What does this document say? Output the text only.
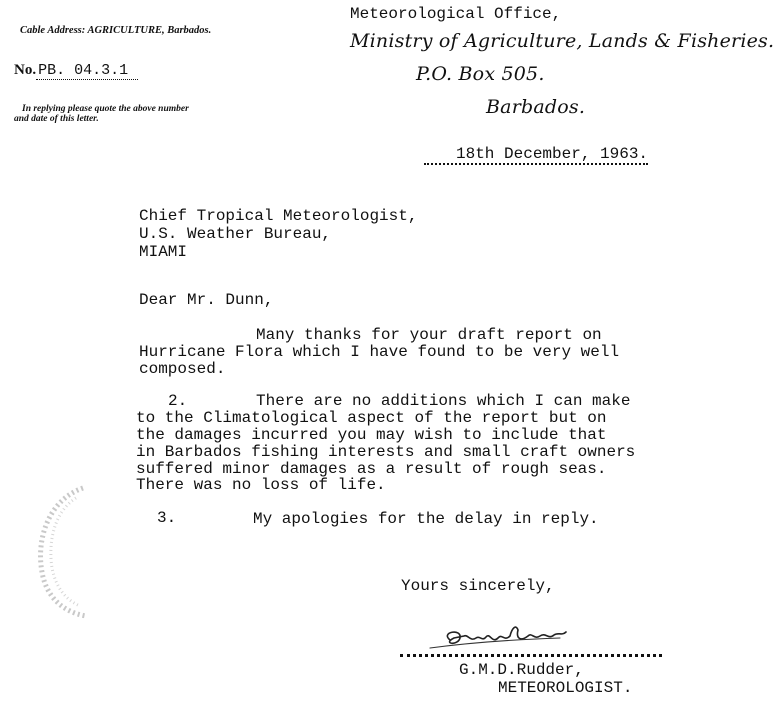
Cable Address: AGRICULTURE, Barbados.
No. PB. 04.3.1
In replying please quote the above number
and date of this letter.
Meteorological Office,
Ministry of Agriculture, Lands & Fisheries.
P.O. Box 505.
Barbados.
18th December, 1963.
Chief Tropical Meteorologist,
U.S. Weather Bureau,
MIAMI
Dear Mr. Dunn,
Many thanks for your draft report on
Hurricane Flora which I have found to be very well
composed.
2.	There are no additions which I can make
to the Climatological aspect of the report but on
the damages incurred you may wish to include that
in Barbados fishing interests and small craft owners
suffered minor damages as a result of rough seas.
There was no loss of life.
3.	My apologies for the delay in reply.
Yours sincerely,
G.M.D.Rudder,
METEOROLOGIST.
